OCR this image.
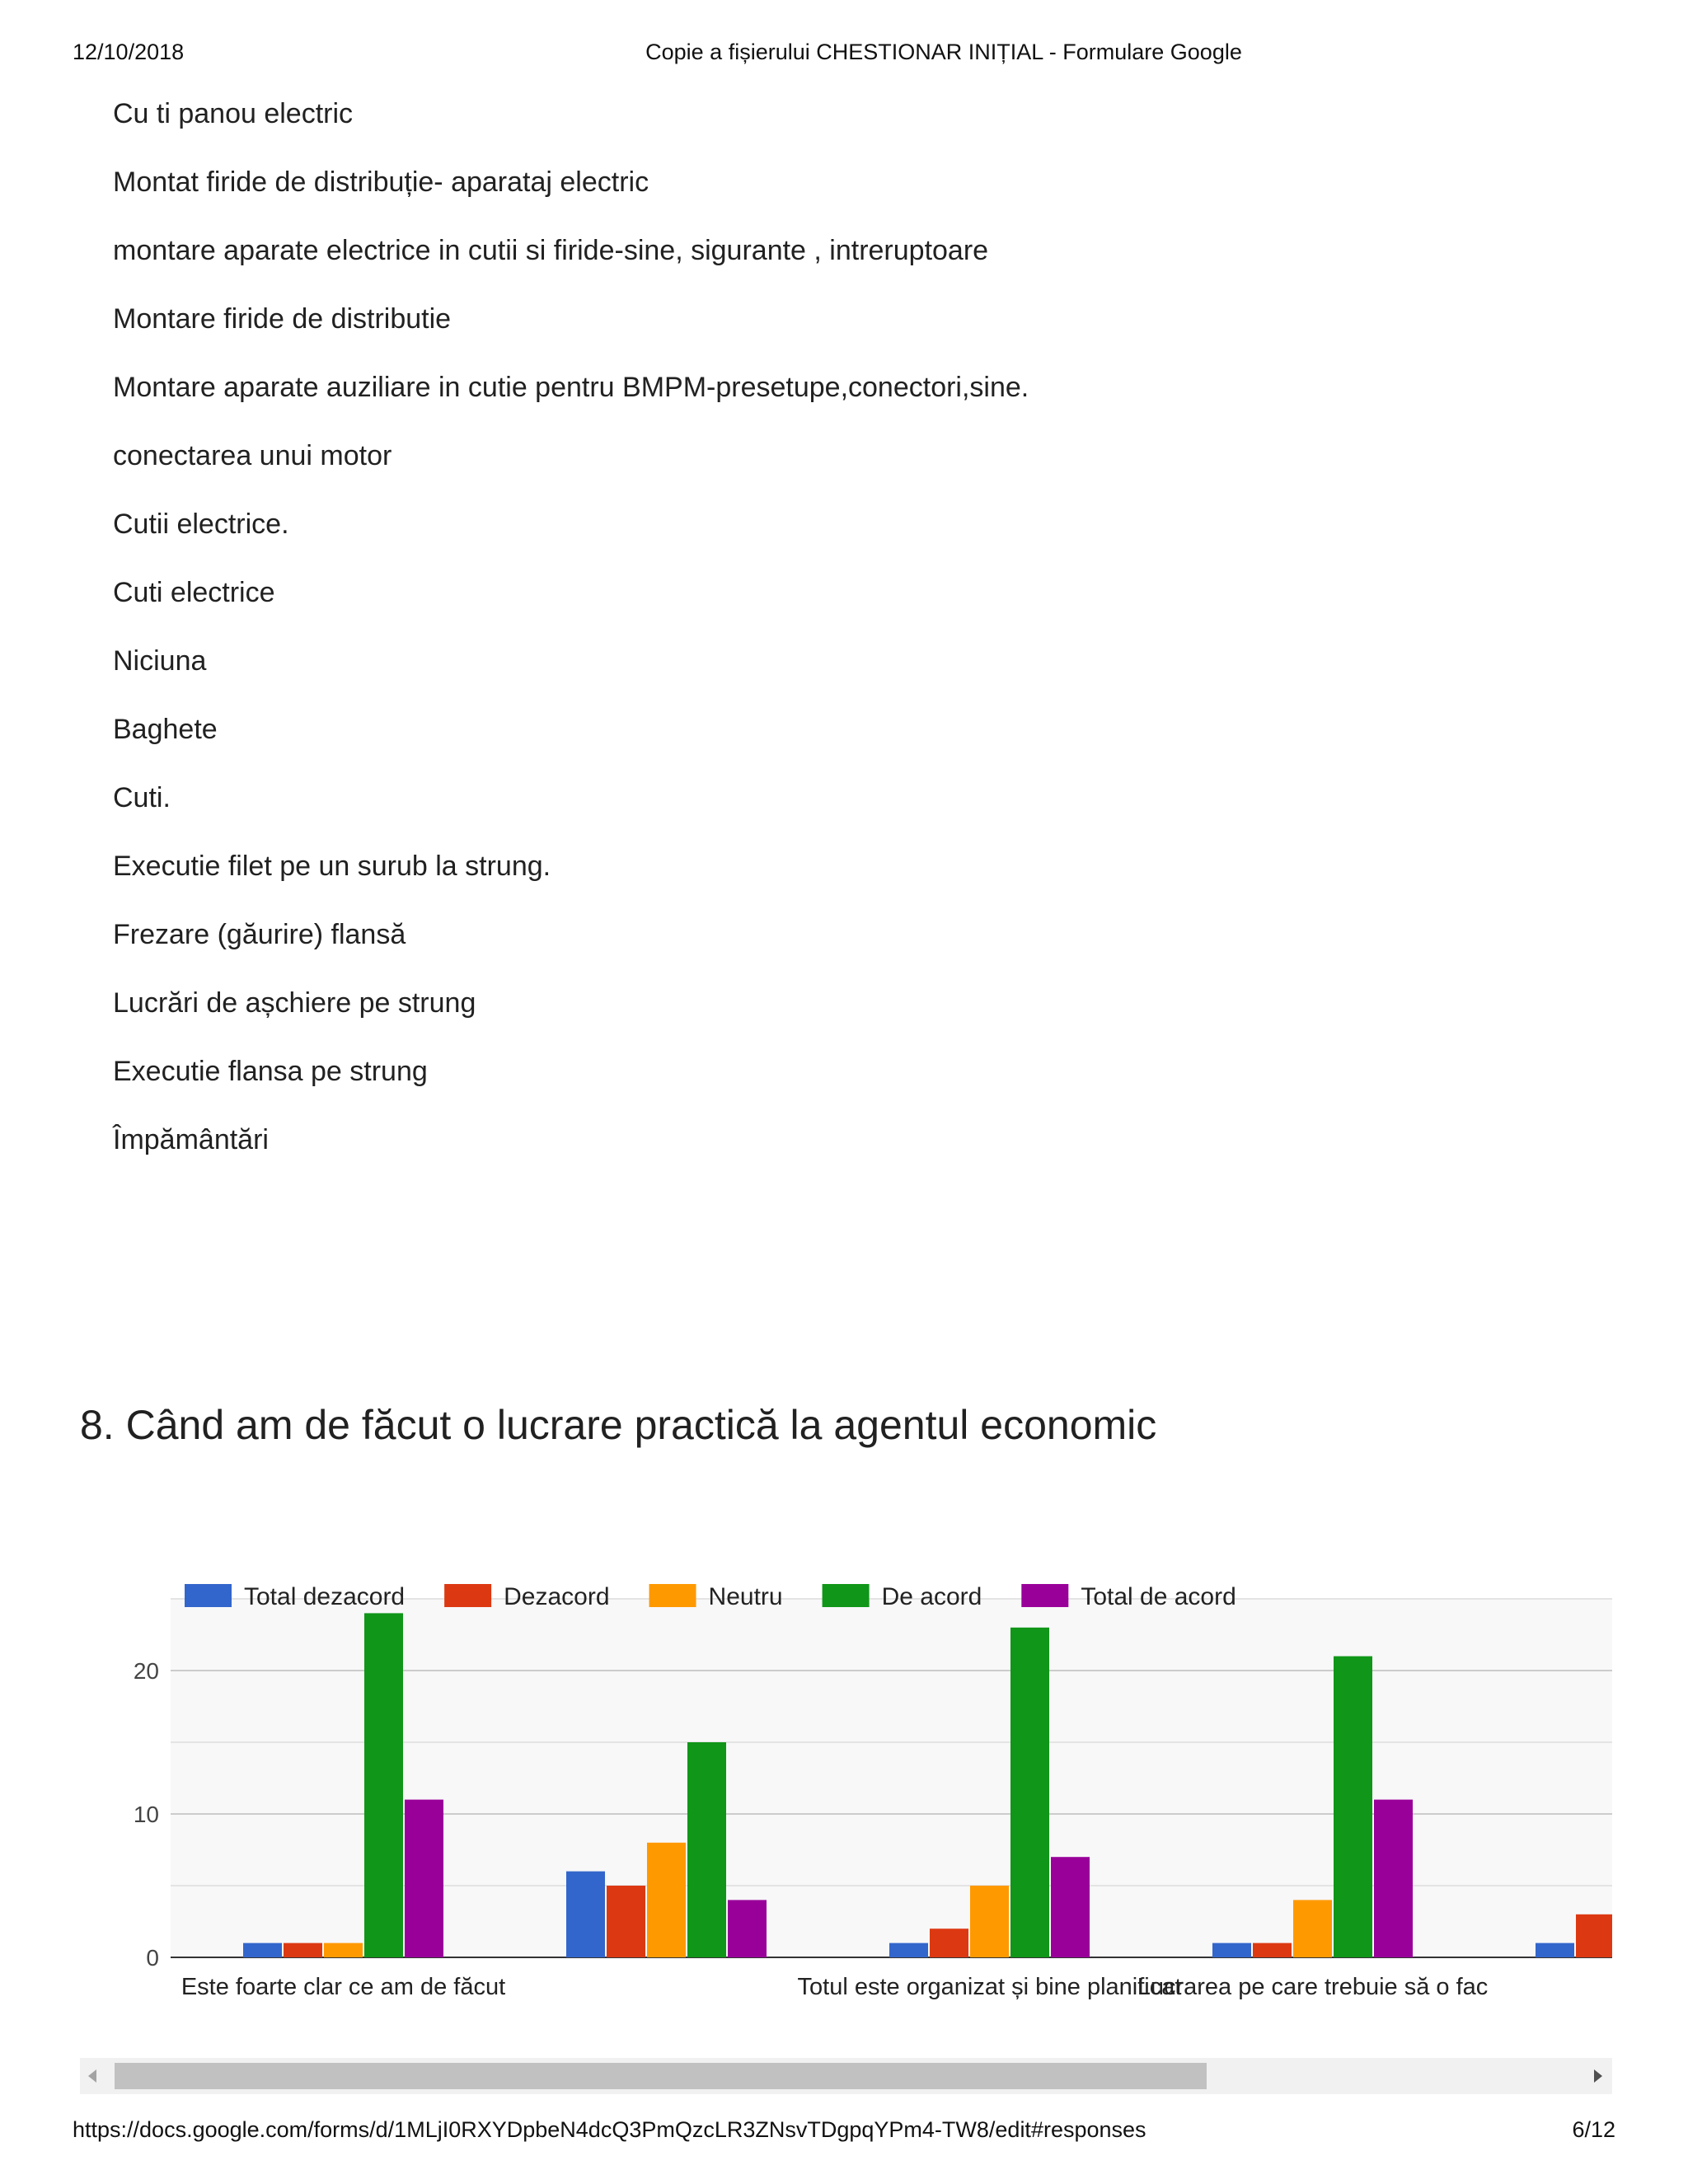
12/10/2018	Copie a fișierului CHESTIONAR INIȚIAL - Formulare Google
Cu ti panou electric
Montat firide de distribuție- aparataj electric
montare aparate electrice in cutii si firide-sine, sigurante , intreruptoare
Montare firide de distributie
Montare aparate auziliare in cutie pentru BMPM-presetupe,conectori,sine.
conectarea unui motor
Cutii electrice.
Cuti electrice
Niciuna
Baghete
Cuti.
Executie filet pe un surub la strung.
Frezare (găurire) flansă
Lucrări de așchiere pe strung
Executie flansa pe strung
Împământări
8. Când am de făcut o lucrare practică la agentul economic
0
10
20
Este foarte clar ce am de făcut	Totul este organizat și bine planificat
Lucrarea pe care trebuie să o fac
Total dezacord	Dezacord	Neutru	De acord	Total de acord
https://docs.google.com/forms/d/1MLjI0RXYDpbeN4dcQ3PmQzcLR3ZNsvTDgpqYPm4-TW8/edit#responses	6/12
